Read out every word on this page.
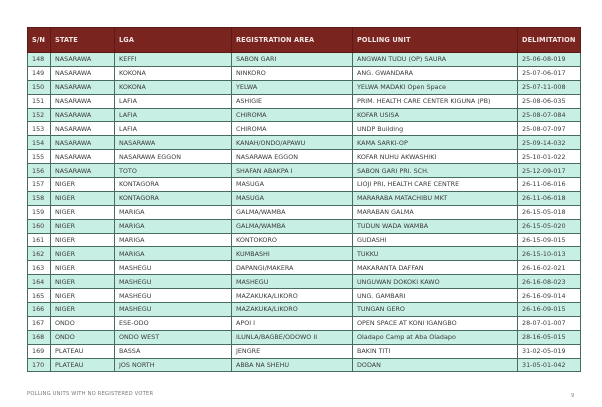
S/N	STATE	LGA	REGISTRATION AREA	POLLING UNIT	DELIMITATION
148	NASARAWA	KEFFI	SABON GARI	ANGWAN TUDU (OP) SAURA	25-06-08-019
149	NASARAWA	KOKONA	NINKORO	ANG. GWANDARA	25-07-06-017
150	NASARAWA	KOKONA	YELWA	YELWA MADAKI Open Space	25-07-11-008
151	NASARAWA	LAFIA	ASHIGIE	PRIM. HEALTH CARE CENTER KIGUNA (PB)	25-08-06-035
152	NASARAWA	LAFIA	CHIROMA	KOFAR USISA	25-08-07-084
153	NASARAWA	LAFIA	CHIROMA	UNDP Building	25-08-07-097
154	NASARAWA	NASARAWA	KANAH/ONDO/APAWU	KAMA SARKI-OP	25-09-14-032
155	NASARAWA	NASARAWA EGGON	NASARAWA EGGON	KOFAR NUHU AKWASHIKI	25-10-01-022
156	NASARAWA	TOTO	SHAFAN ABAKPA I	SABON GARI PRI. SCH.	25-12-09-017
157	NIGER	KONTAGORA	MASUGA	LIOJI PRI, HEALTH CARE CENTRE	26-11-06-016
158	NIGER	KONTAGORA	MASUGA	MARARABA MATACHIBU MKT	26-11-06-018
159	NIGER	MARIGA	GALMA/WAMBA	MARABAN GALMA	26-15-05-018
160	NIGER	MARIGA	GALMA/WAMBA	TUDUN WADA WAMBA	26-15-05-020
161	NIGER	MARIGA	KONTOKORO	GUDASHI	26-15-09-015
162	NIGER	MARIGA	KUMBASHI	TUKKU	26-15-10-013
163	NIGER	MASHEGU	DAPANGI/MAKERA	MAKARANTA DAFFAN	26-16-02-021
164	NIGER	MASHEGU	MASHEGU	UNGUWAN DOKOKI KAWO	26-16-08-023
165	NIGER	MASHEGU	MAZAKUKA/LIKORO	UNG. GAMBARI	26-16-09-014
166	NIGER	MASHEGU	MAZAKUKA/LIKORO	TUNGAN GERO	26-16-09-015
167	ONDO	ESE-ODO	APOI I	OPEN SPACE AT KONI IGANGBO	28-07-01-007
168	ONDO	ONDO WEST	ILUNLA/BAGBE/ODOWO II	Oladapo Camp at Aba Oladapo	28-16-05-015
169	PLATEAU	BASSA	JENGRE	BAKIN TITI	31-02-05-019
170	PLATEAU	JOS NORTH	ABBA NA SHEHU	DODAN	31-05-01-042
POLLING UNITS WITH NO REGISTERED VOTER	9
